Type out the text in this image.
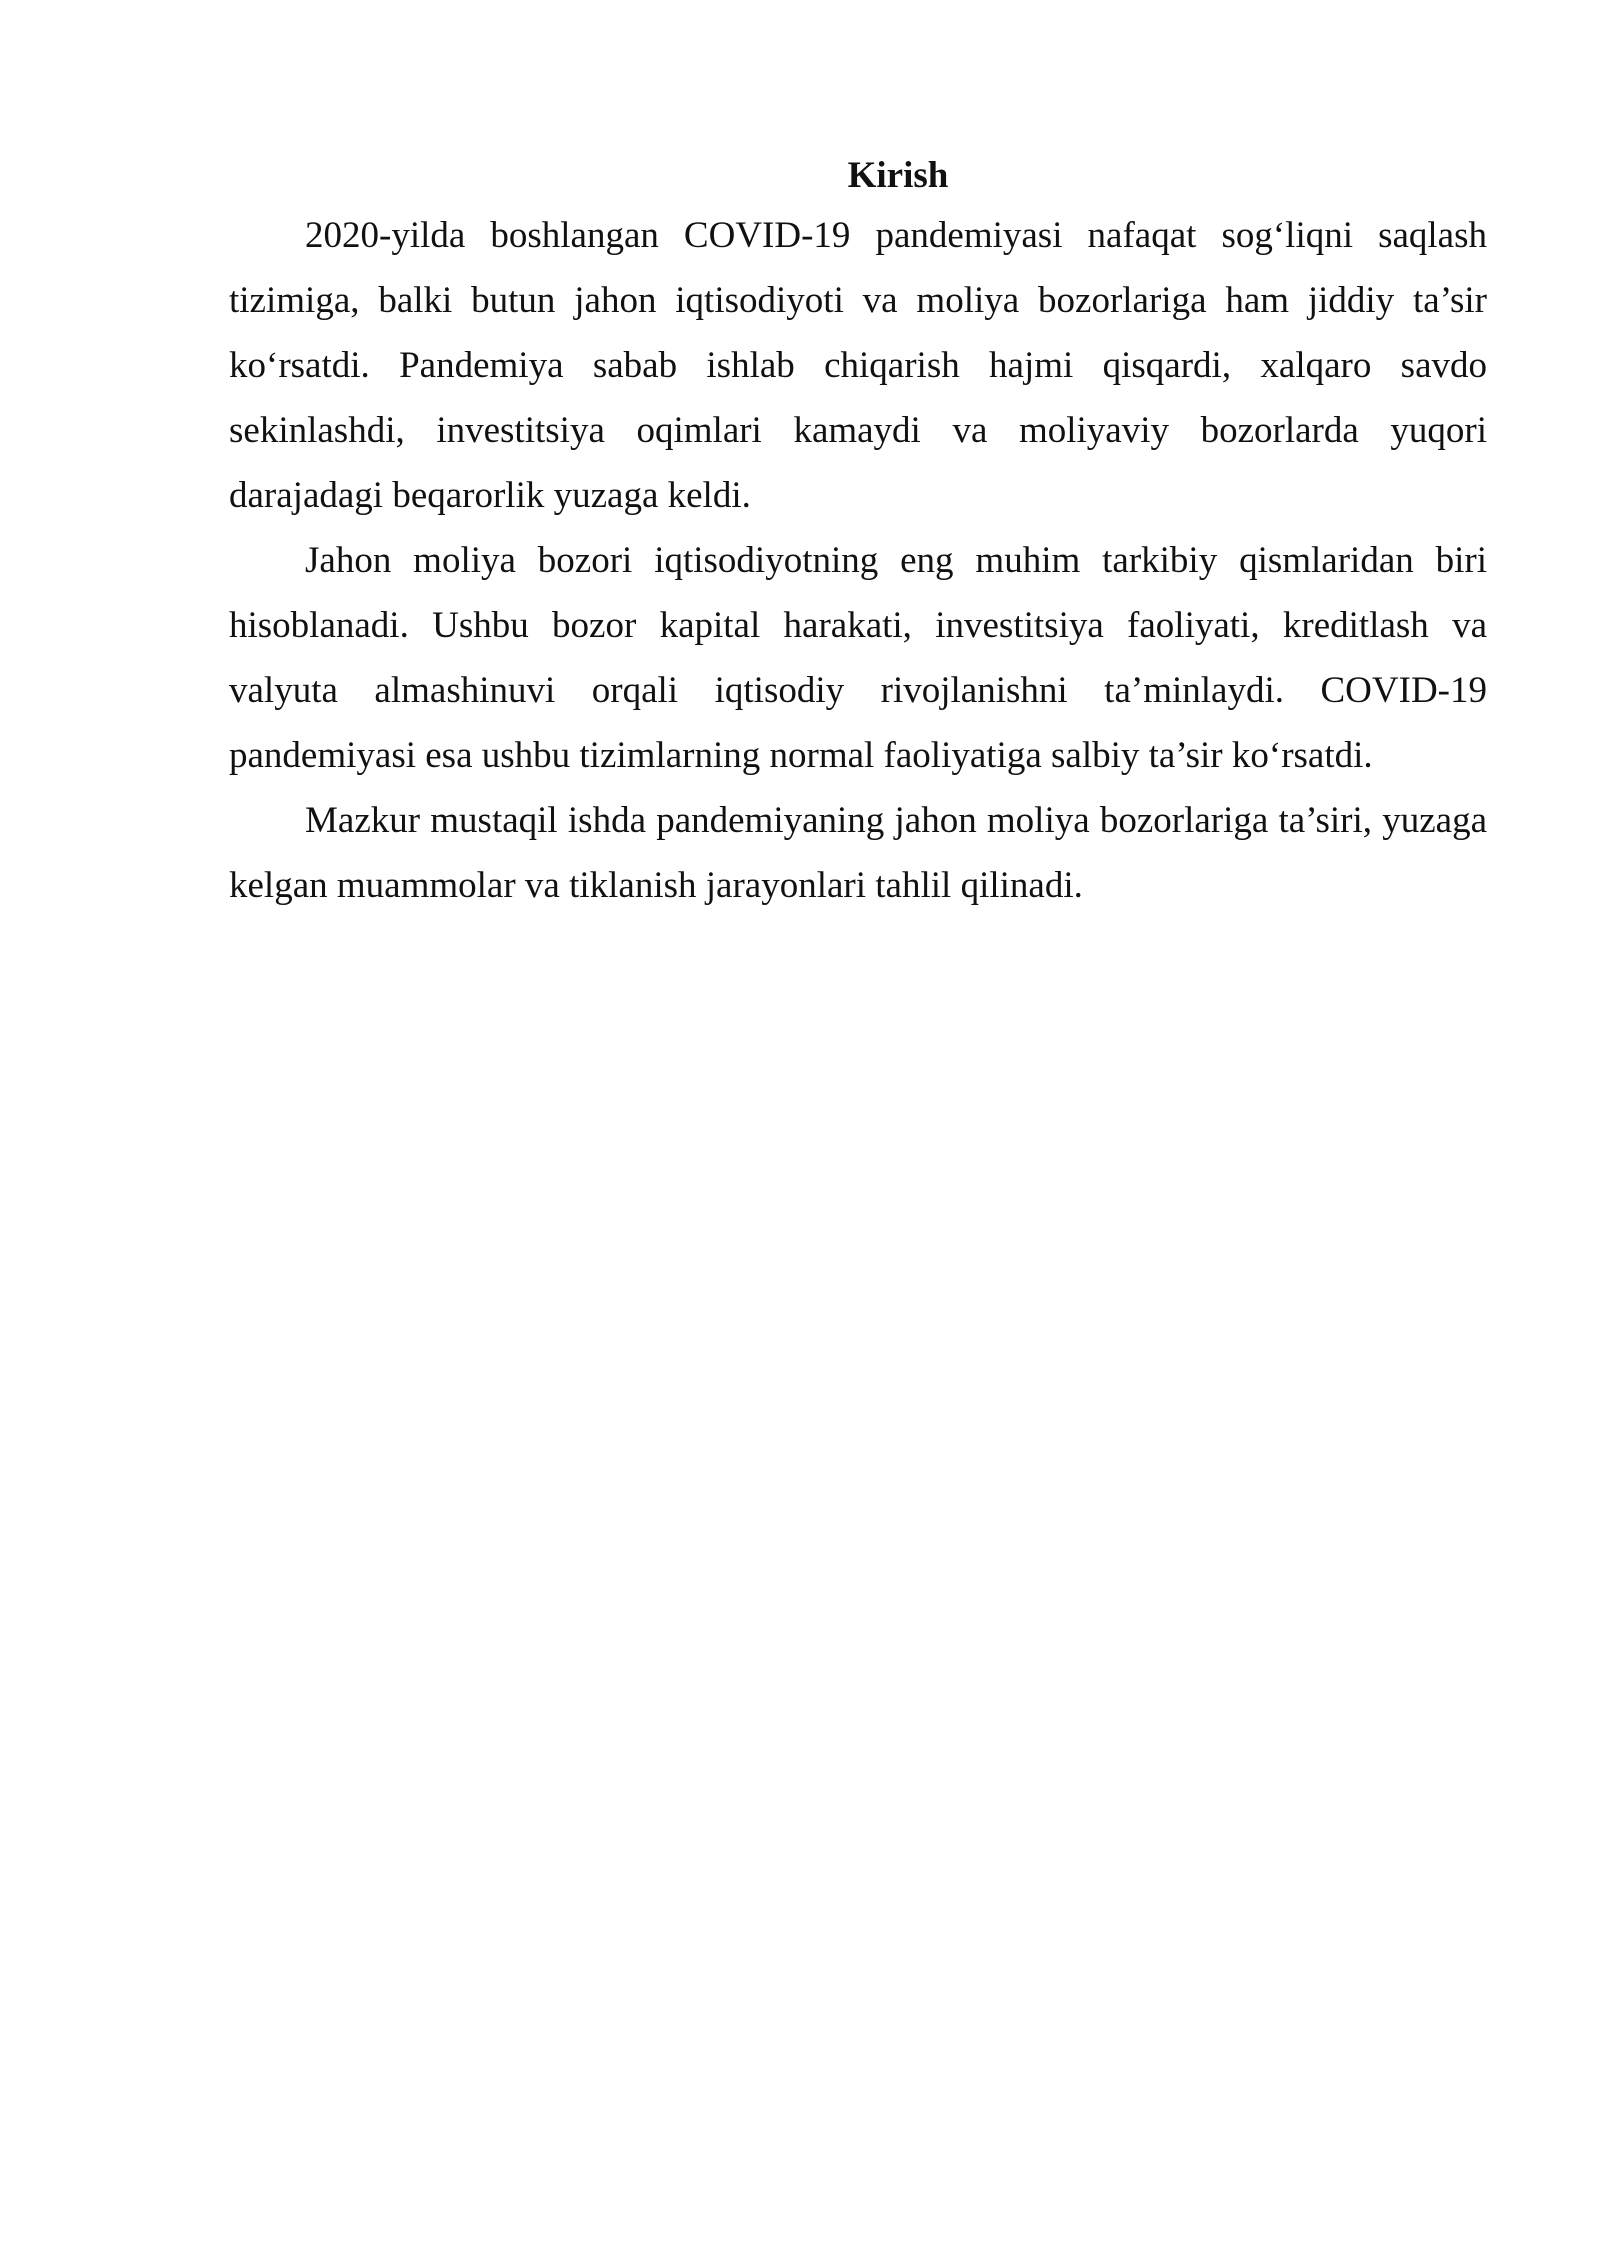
Kirish

2020-yilda boshlangan COVID-19 pandemiyasi nafaqat sog‘liqni saqlash tizimiga, balki butun jahon iqtisodiyoti va moliya bozorlariga ham jiddiy ta’sir ko‘rsatdi. Pandemiya sabab ishlab chiqarish hajmi qisqardi, xalqaro savdo sekinlashdi, investitsiya oqimlari kamaydi va moliyaviy bozorlarda yuqori darajadagi beqarorlik yuzaga keldi.

Jahon moliya bozori iqtisodiyotning eng muhim tarkibiy qismlaridan biri hisoblanadi. Ushbu bozor kapital harakati, investitsiya faoliyati, kreditlash va valyuta almashinuvi orqali iqtisodiy rivojlanishni ta’minlaydi. COVID-19 pandemiyasi esa ushbu tizimlarning normal faoliyatiga salbiy ta’sir ko‘rsatdi.

Mazkur mustaqil ishda pandemiyaning jahon moliya bozorlariga ta’siri, yuzaga kelgan muammolar va tiklanish jarayonlari tahlil qilinadi.
